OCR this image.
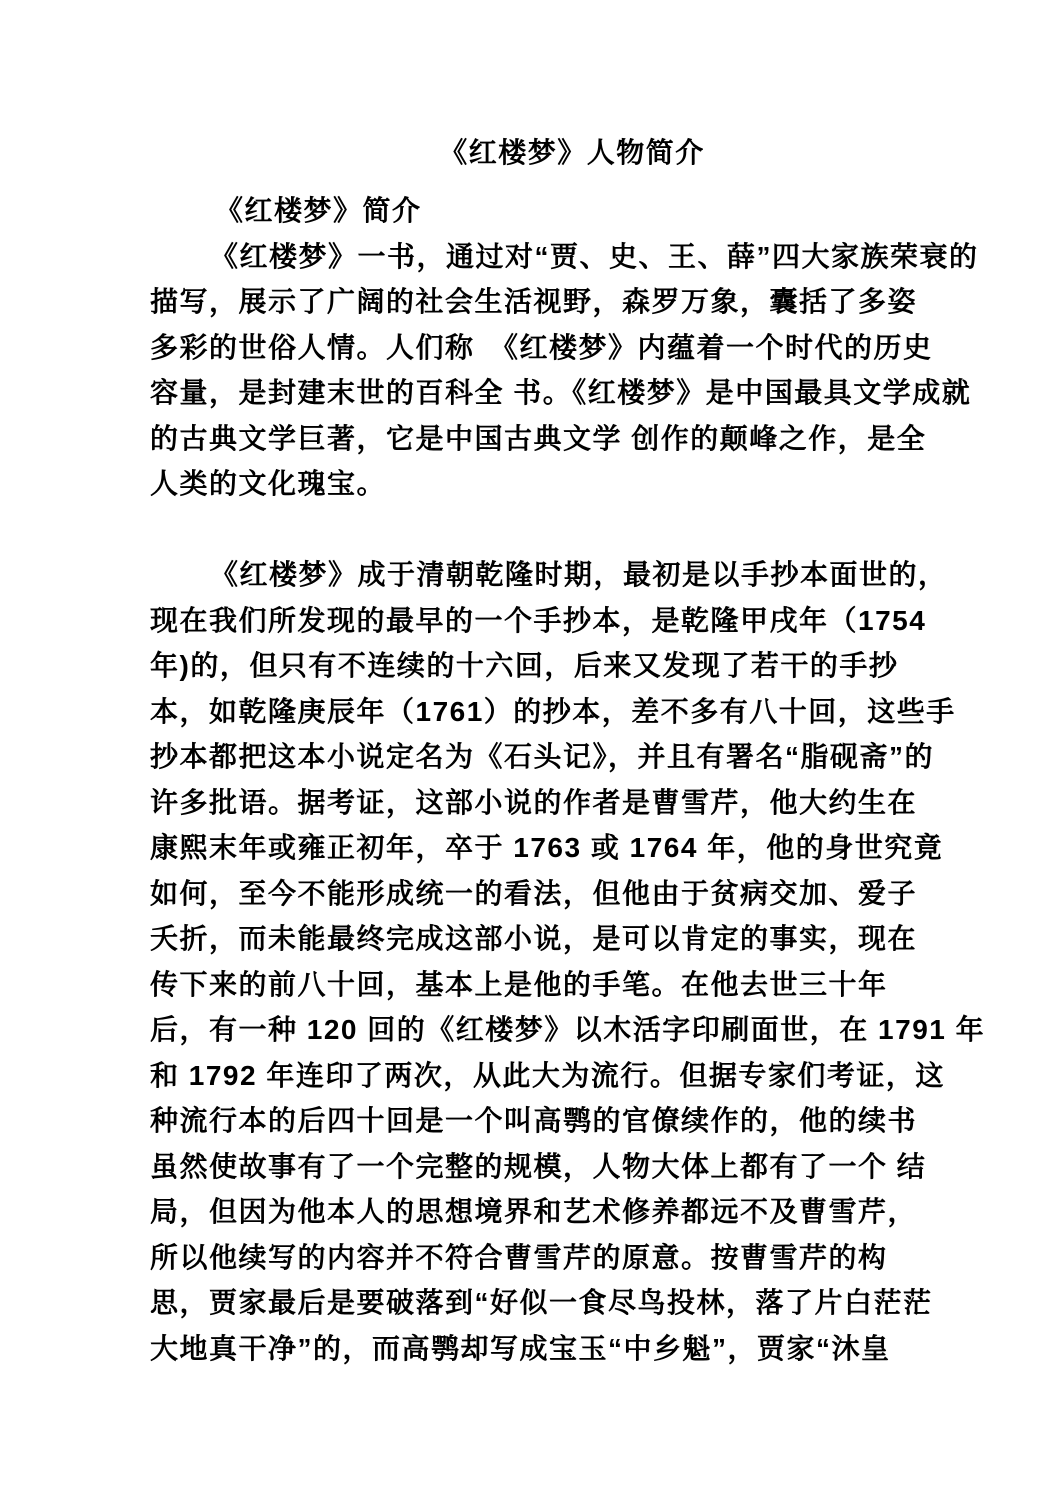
《红楼梦》人物简介
《红楼梦》简介
《红楼梦》一书，通过对“贾、史、王、薛”四大家族荣衰的
描写，展示了广阔的社会生活视野，森罗万象，囊括了多姿
多彩的世俗人情。人们称　《红楼梦》内蕴着一个时代的历史
容量，是封建末世的百科全 书。《红楼梦》是中国最具文学成就
的古典文学巨著，它是中国古典文学 创作的颠峰之作，是全
人类的文化瑰宝。
《红楼梦》成于清朝乾隆时期，最初是以手抄本面世的，
现在我们所发现的最早的一个手抄本，是乾隆甲戌年（1754
年)的，但只有不连续的十六回，后来又发现了若干的手抄
本，如乾隆庚辰年（1761）的抄本，差不多有八十回，这些手
抄本都把这本小说定名为《石头记》，并且有署名“脂砚斋”的
许多批语。据考证，这部小说的作者是曹雪芹，他大约生在
康熙末年或雍正初年，卒于 1763 或 1764 年，他的身世究竟
如何，至今不能形成统一的看法，但他由于贫病交加、爱子
夭折，而未能最终完成这部小说，是可以肯定的事实，现在
传下来的前八十回，基本上是他的手笔。在他去世三十年
后，有一种 120 回的《红楼梦》以木活字印刷面世，在 1791 年
和 1792 年连印了两次，从此大为流行。但据专家们考证，这
种流行本的后四十回是一个叫高鹗的官僚续作的，他的续书
虽然使故事有了一个完整的规模，人物大体上都有了一个 结
局，但因为他本人的思想境界和艺术修养都远不及曹雪芹，
所以他续写的内容并不符合曹雪芹的原意。按曹雪芹的构
思，贾家最后是要破落到“好似一食尽鸟投林，落了片白茫茫
大地真干净”的，而高鹗却写成宝玉“中乡魁”，贾家“沐皇
